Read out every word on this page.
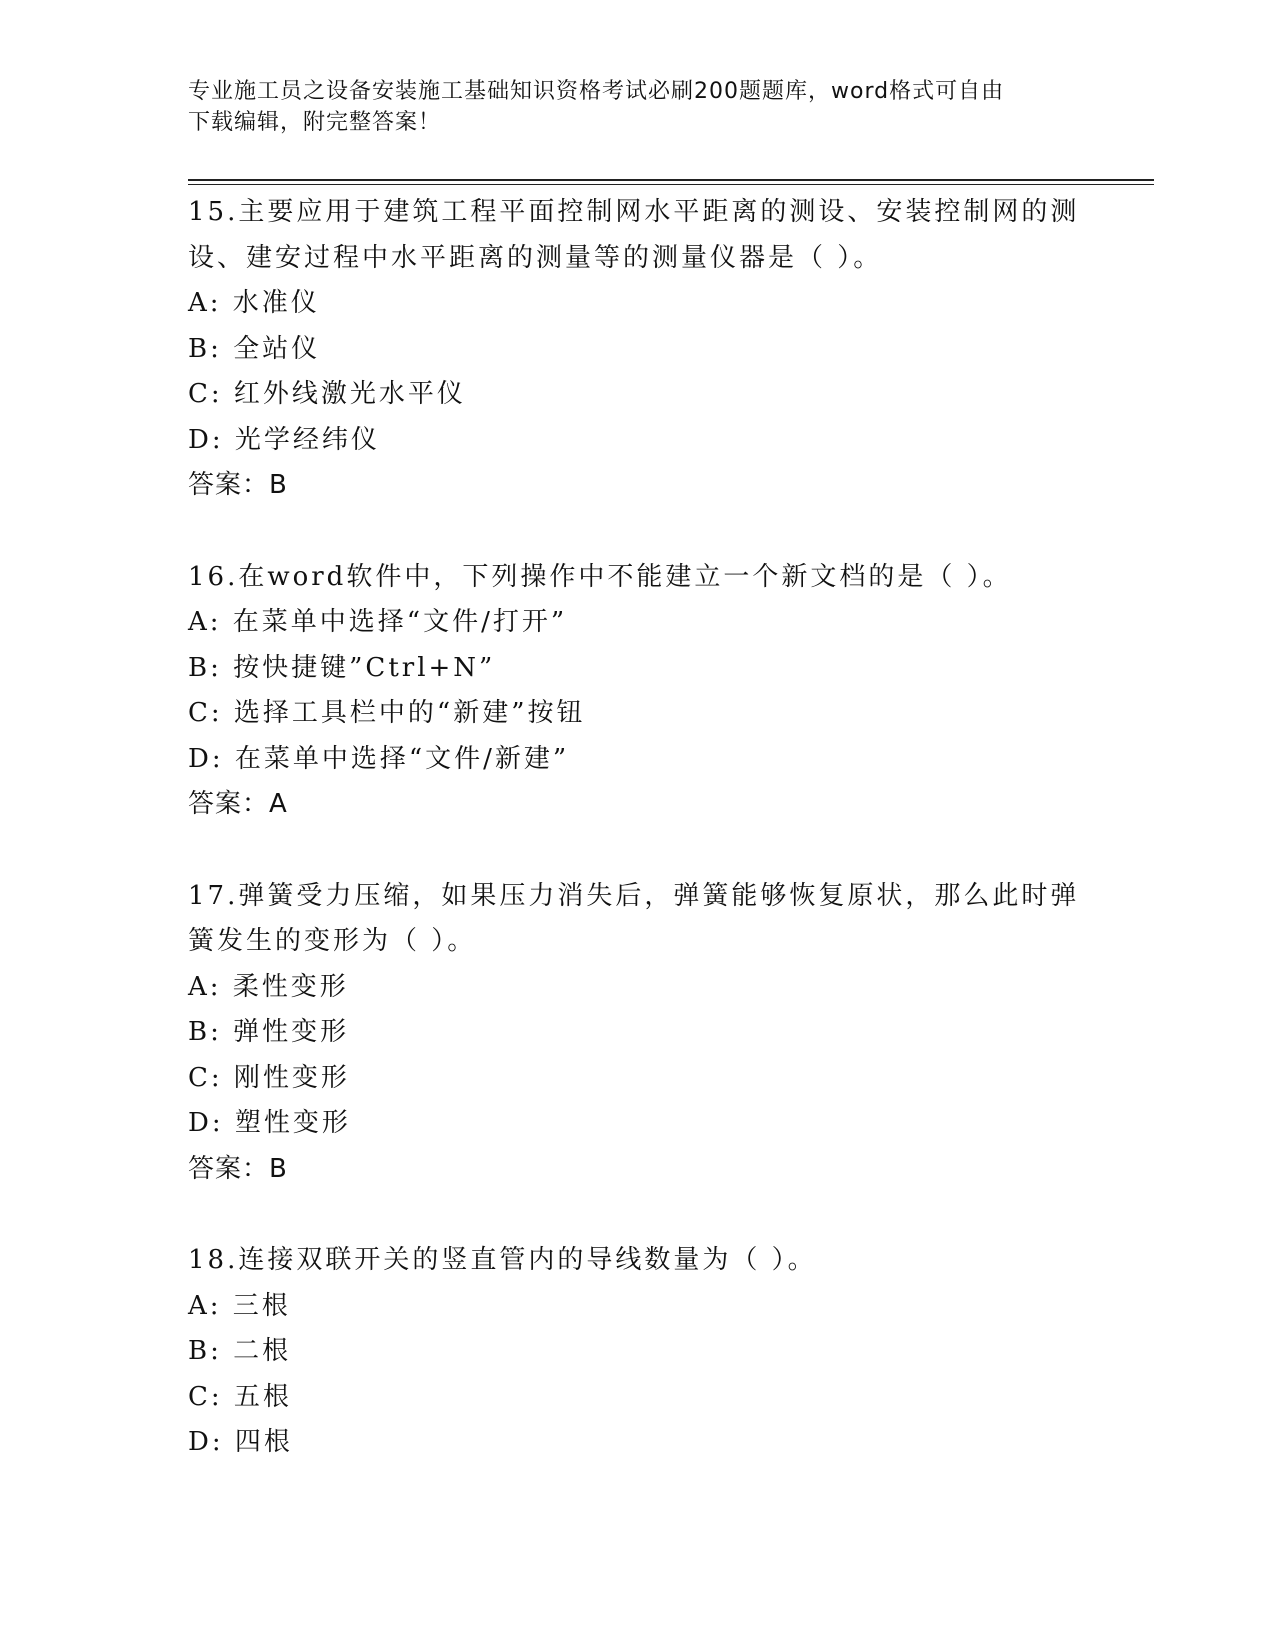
专业施工员之设备安装施工基础知识资格考试必刷200题题库，word格式可自由
下载编辑，附完整答案！
15.主要应用于建筑工程平面控制网水平距离的测设、安装控制网的测
设、建安过程中水平距离的测量等的测量仪器是（ ）。
A: 水准仪
B: 全站仪
C: 红外线激光水平仪
D: 光学经纬仪
答案：B
16.在word软件中，下列操作中不能建立一个新文档的是（ ）。
A: 在菜单中选择“文件/打开”
B: 按快捷键”Ctrl+N”
C: 选择工具栏中的“新建”按钮
D: 在菜单中选择“文件/新建”
答案：A
17.弹簧受力压缩，如果压力消失后，弹簧能够恢复原状，那么此时弹
簧发生的变形为（ ）。
A: 柔性变形
B: 弹性变形
C: 刚性变形
D: 塑性变形
答案：B
18.连接双联开关的竖直管内的导线数量为（ ）。
A: 三根
B: 二根
C: 五根
D: 四根
